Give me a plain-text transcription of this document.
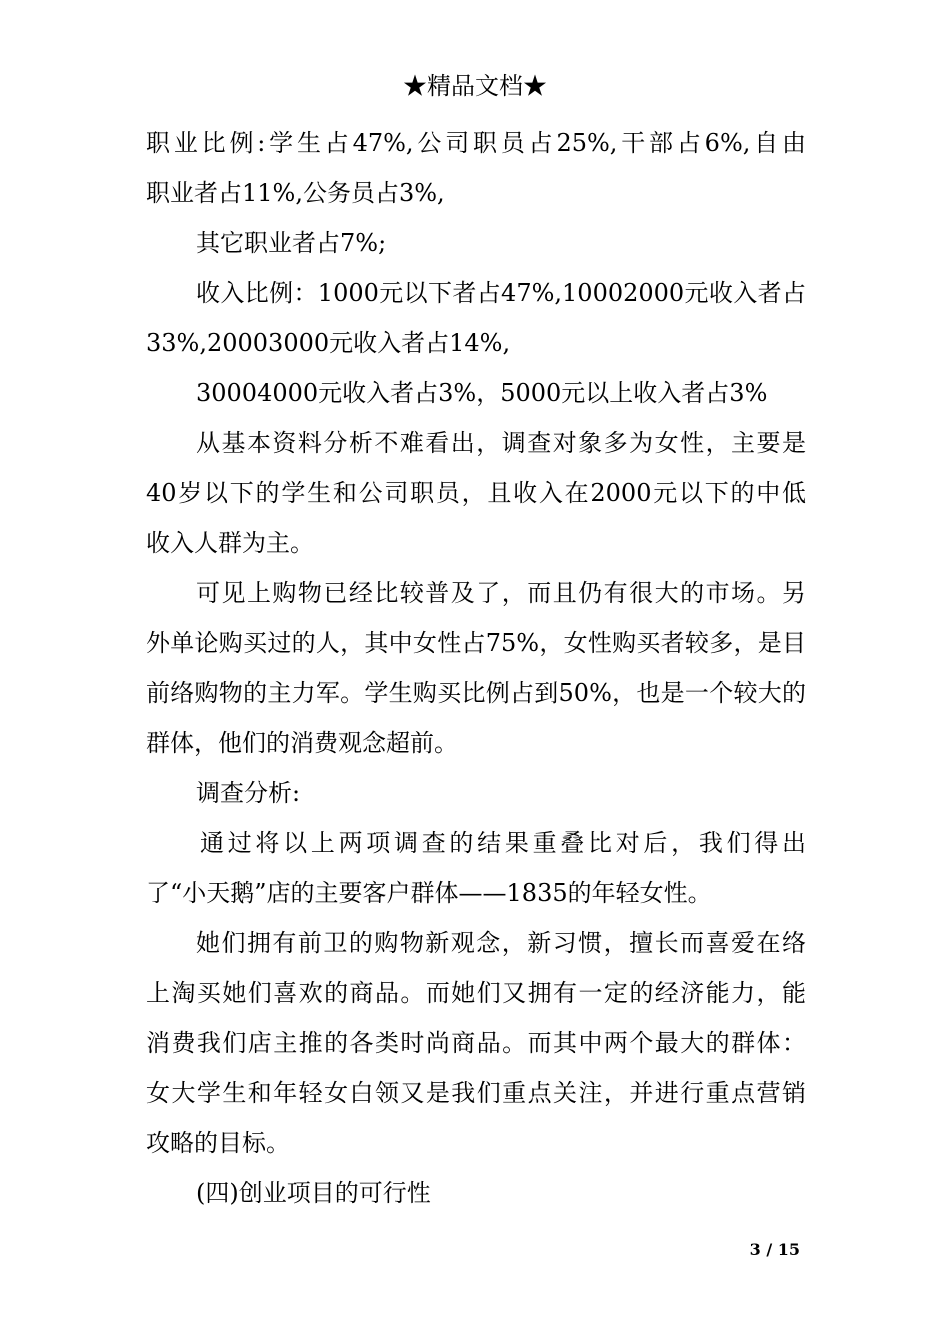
★精品文档★
职业比例:学生占47%,公司职员占25%,干部占6%,自由
职业者占11%,公务员占3%,
其它职业者占7%;
收入比例：1000元以下者占47%,10002000元收入者占
33%,20003000元收入者占14%,
30004000元收入者占3%，5000元以上收入者占3%
从基本资料分析不难看出，调查对象多为女性，主要是
40岁以下的学生和公司职员，且收入在2000元以下的中低
收入人群为主。
可见上购物已经比较普及了，而且仍有很大的市场。另
外单论购买过的人，其中女性占75%，女性购买者较多，是目
前络购物的主力军。学生购买比例占到50%，也是一个较大的
群体，他们的消费观念超前。
调查分析:
通过将以上两项调查的结果重叠比对后，我们得出
了“小天鹅”店的主要客户群体——1835的年轻女性。
她们拥有前卫的购物新观念，新习惯，擅长而喜爱在络
上淘买她们喜欢的商品。而她们又拥有一定的经济能力，能
消费我们店主推的各类时尚商品。而其中两个最大的群体：
女大学生和年轻女白领又是我们重点关注，并进行重点营销
攻略的目标。
(四)创业项目的可行性
3 / 15
